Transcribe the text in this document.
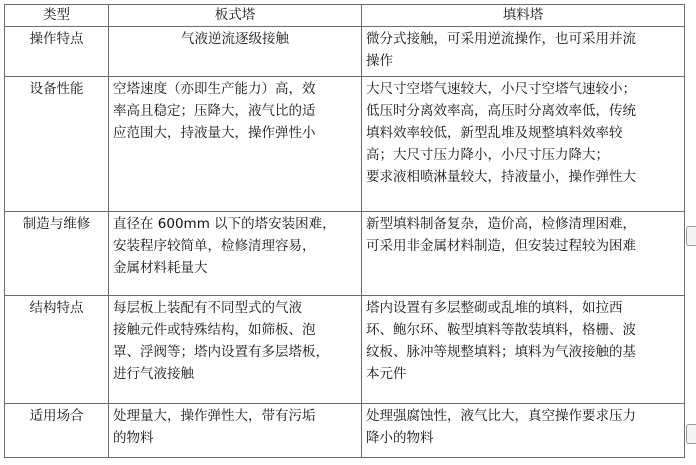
类型	板式塔	填料塔
操作特点	气液逆流逐级接触	微分式接触，可采用逆流操作，也可采用并流
操作

设备性能	空塔速度（亦即生产能力）高，效
率高且稳定；压降大，液气比的适
应范围大，持液量大，操作弹性小	大尺寸空塔气速较大，小尺寸空塔气速较小；
低压时分离效率高，高压时分离效率低，传统
填料效率较低，新型乱堆及规整填料效率较
高；大尺寸压力降小，小尺寸压力降大；
要求液相喷淋量较大，持液量小，操作弹性大

制造与维修	直径在 600mm 以下的塔安装困难，
安装程序较简单，检修清理容易，
金属材料耗量大	新型填料制备复杂，造价高，检修清理困难，
可采用非金属材料制造，但安装过程较为困难

结构特点	每层板上装配有不同型式的气液
接触元件或特殊结构，如筛板、泡
罩、浮阀等；塔内设置有多层塔板，
进行气液接触	塔内设置有多层整砌或乱堆的填料，如拉西
环、鲍尔环、鞍型填料等散装填料，格栅、波
纹板、脉冲等规整填料；填料为气液接触的基
本元件

适用场合	处理量大，操作弹性大，带有污垢
的物料	处理强腐蚀性，液气比大，真空操作要求压力
降小的物料
